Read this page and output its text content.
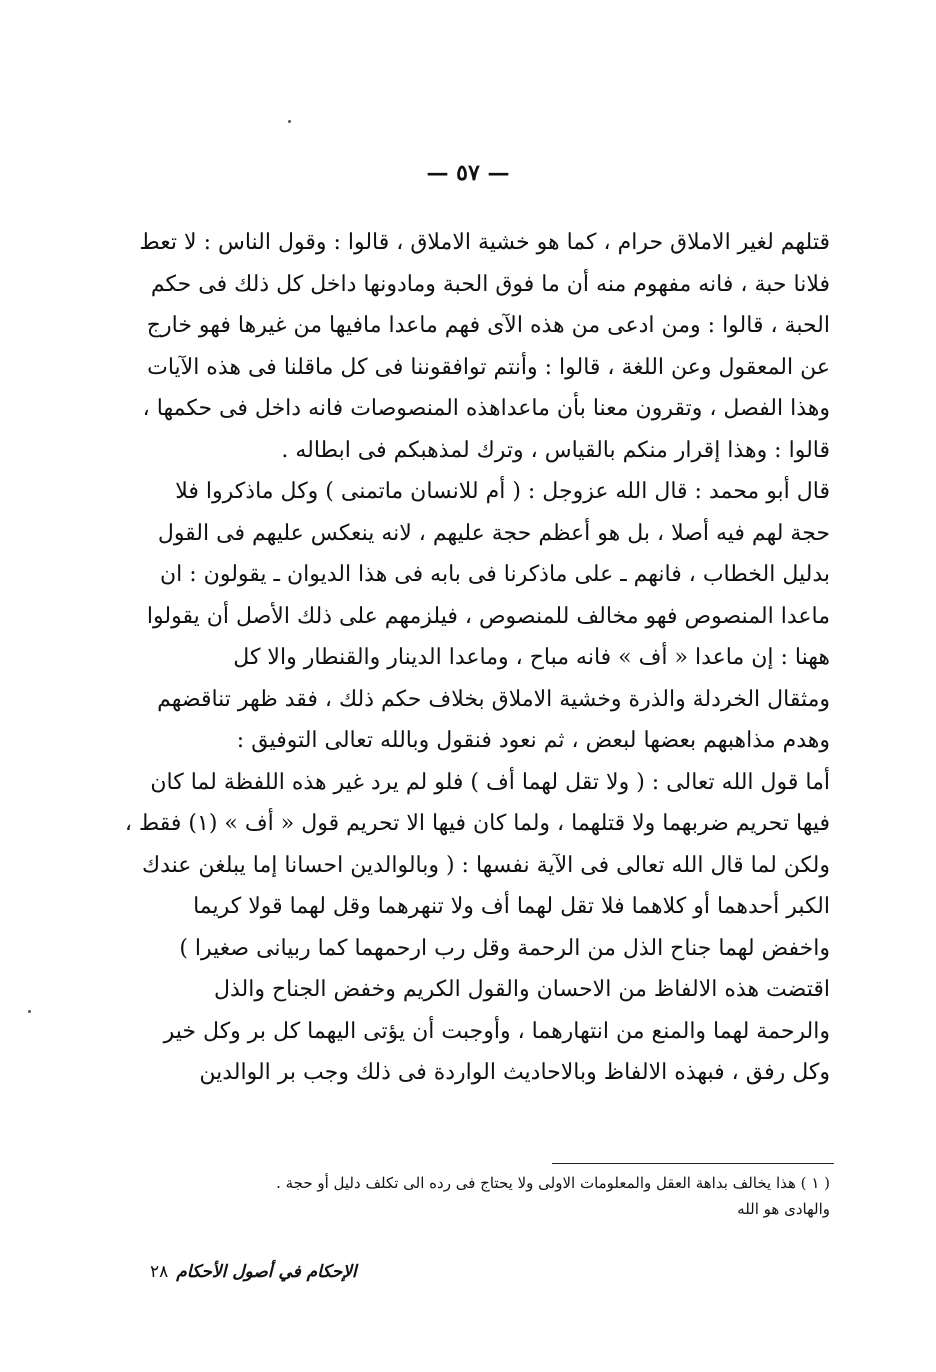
— ٥٧ —
قتلهم لغير الاملاق حرام ، كما هو خشية الاملاق ، قالوا : وقول الناس : لا تعط
فلانا حبة ، فانه مفهوم منه أن ما فوق الحبة ومادونها داخل كل ذلك فى حكم
الحبة ، قالوا : ومن ادعى من هذه الآى فهم ماعدا مافيها من غيرها فهو خارج
عن المعقول وعن اللغة ، قالوا : وأنتم توافقوننا فى كل ماقلنا فى هذه الآيات
وهذا الفصل ، وتقرون معنا بأن ماعداهذه المنصوصات فانه داخل فى حكمها ،
قالوا : وهذا إقرار منكم بالقياس ، وترك لمذهبكم فى ابطاله .
قال أبو محمد : قال الله عزوجل : ( أم للانسان ماتمنى ) وكل ماذكروا فلا
حجة لهم فيه أصلا ، بل هو أعظم حجة عليهم ، لانه ينعكس عليهم فى القول
بدليل الخطاب ، فانهم ـ على ماذكرنا فى بابه فى هذا الديوان ـ يقولون : ان
ماعدا المنصوص فهو مخالف للمنصوص ، فيلزمهم على ذلك الأصل أن يقولوا
ههنا : إن ماعدا « أف » فانه مباح ، وماعدا الدينار والقنطار والا كل
ومثقال الخردلة والذرة وخشية الاملاق بخلاف حكم ذلك ، فقد ظهر تناقضهم
وهدم مذاهبهم بعضها لبعض ، ثم نعود فنقول وبالله تعالى التوفيق :
أما قول الله تعالى : ( ولا تقل لهما أف ) فلو لم يرد غير هذه اللفظة لما كان
فيها تحريم ضربهما ولا قتلهما ، ولما كان فيها الا تحريم قول « أف » (١) فقط ،
ولكن لما قال الله تعالى فى الآية نفسها : ( وبالوالدين احسانا إما يبلغن عندك
الكبر أحدهما أو كلاهما فلا تقل لهما أف ولا تنهرهما وقل لهما قولا كريما
واخفض لهما جناح الذل من الرحمة وقل رب ارحمهما كما ربيانى صغيرا )
اقتضت هذه الالفاظ من الاحسان والقول الكريم وخفض الجناح والذل
والرحمة لهما والمنع من انتهارهما ، وأوجبت أن يؤتى اليهما كل بر وكل خير
وكل رفق ، فبهذه الالفاظ وبالاحاديث الواردة فى ذلك وجب بر الوالدين
( ١ ) هذا يخالف بداهة العقل والمعلومات الاولى ولا يحتاج فى رده الى تكلف دليل أو حجة .
والهادى هو الله
الإحكام في أصول الأحكام
٢٨
